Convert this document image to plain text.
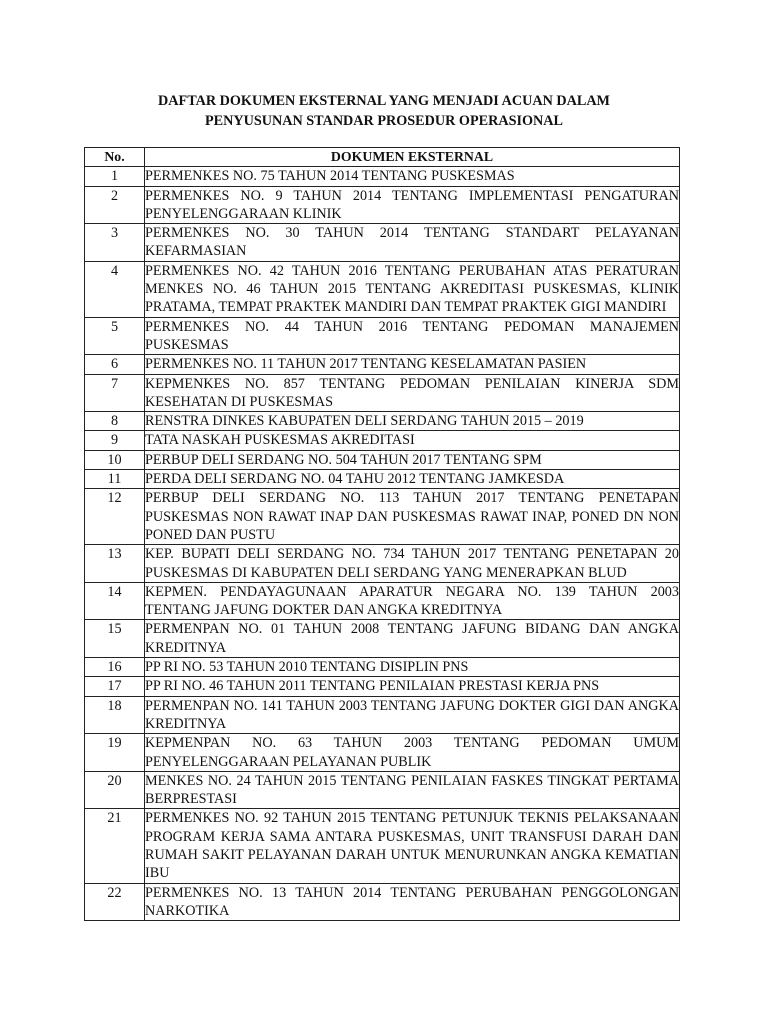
DAFTAR DOKUMEN EKSTERNAL YANG MENJADI ACUAN DALAM
PENYUSUNAN STANDAR PROSEDUR OPERASIONAL
No.	DOKUMEN EKSTERNAL
1	PERMENKES NO. 75 TAHUN 2014 TENTANG PUSKESMAS
2	PERMENKES NO. 9 TAHUN 2014 TENTANG IMPLEMENTASI PENGATURAN PENYELENGGARAAN KLINIK
3	PERMENKES NO. 30 TAHUN 2014 TENTANG STANDART PELAYANAN KEFARMASIAN
4	PERMENKES NO. 42 TAHUN 2016 TENTANG PERUBAHAN ATAS PERATURAN MENKES NO. 46 TAHUN 2015 TENTANG AKREDITASI PUSKESMAS, KLINIK PRATAMA, TEMPAT PRAKTEK MANDIRI DAN TEMPAT PRAKTEK GIGI MANDIRI
5	PERMENKES NO. 44 TAHUN 2016 TENTANG PEDOMAN MANAJEMEN PUSKESMAS
6	PERMENKES NO. 11 TAHUN 2017 TENTANG KESELAMATAN PASIEN
7	KEPMENKES NO. 857 TENTANG PEDOMAN PENILAIAN KINERJA SDM KESEHATAN DI PUSKESMAS
8	RENSTRA DINKES KABUPATEN DELI SERDANG TAHUN 2015 – 2019
9	TATA NASKAH PUSKESMAS AKREDITASI
10	PERBUP DELI SERDANG NO. 504 TAHUN 2017 TENTANG SPM
11	PERDA DELI SERDANG NO. 04 TAHU 2012 TENTANG JAMKESDA
12	PERBUP DELI SERDANG NO. 113 TAHUN 2017 TENTANG PENETAPAN PUSKESMAS NON RAWAT INAP DAN PUSKESMAS RAWAT INAP, PONED DN NON PONED DAN PUSTU
13	KEP. BUPATI DELI SERDANG NO. 734 TAHUN 2017 TENTANG PENETAPAN 20 PUSKESMAS DI KABUPATEN DELI SERDANG YANG MENERAPKAN BLUD
14	KEPMEN. PENDAYAGUNAAN APARATUR NEGARA NO. 139 TAHUN 2003 TENTANG JAFUNG DOKTER DAN ANGKA KREDITNYA
15	PERMENPAN NO. 01 TAHUN 2008 TENTANG JAFUNG BIDANG DAN ANGKA KREDITNYA
16	PP RI NO. 53 TAHUN 2010 TENTANG DISIPLIN PNS
17	PP RI NO. 46 TAHUN 2011 TENTANG PENILAIAN PRESTASI KERJA PNS
18	PERMENPAN NO. 141 TAHUN 2003 TENTANG JAFUNG DOKTER GIGI DAN ANGKA KREDITNYA
19	KEPMENPAN NO. 63 TAHUN 2003 TENTANG PEDOMAN UMUM PENYELENGGARAAN PELAYANAN PUBLIK
20	MENKES NO. 24 TAHUN 2015 TENTANG PENILAIAN FASKES TINGKAT PERTAMA BERPRESTASI
21	PERMENKES NO. 92 TAHUN 2015 TENTANG PETUNJUK TEKNIS PELAKSANAAN PROGRAM KERJA SAMA ANTARA PUSKESMAS, UNIT TRANSFUSI DARAH DAN RUMAH SAKIT PELAYANAN DARAH UNTUK MENURUNKAN ANGKA KEMATIAN IBU
22	PERMENKES NO. 13 TAHUN 2014 TENTANG PERUBAHAN PENGGOLONGAN NARKOTIKA
